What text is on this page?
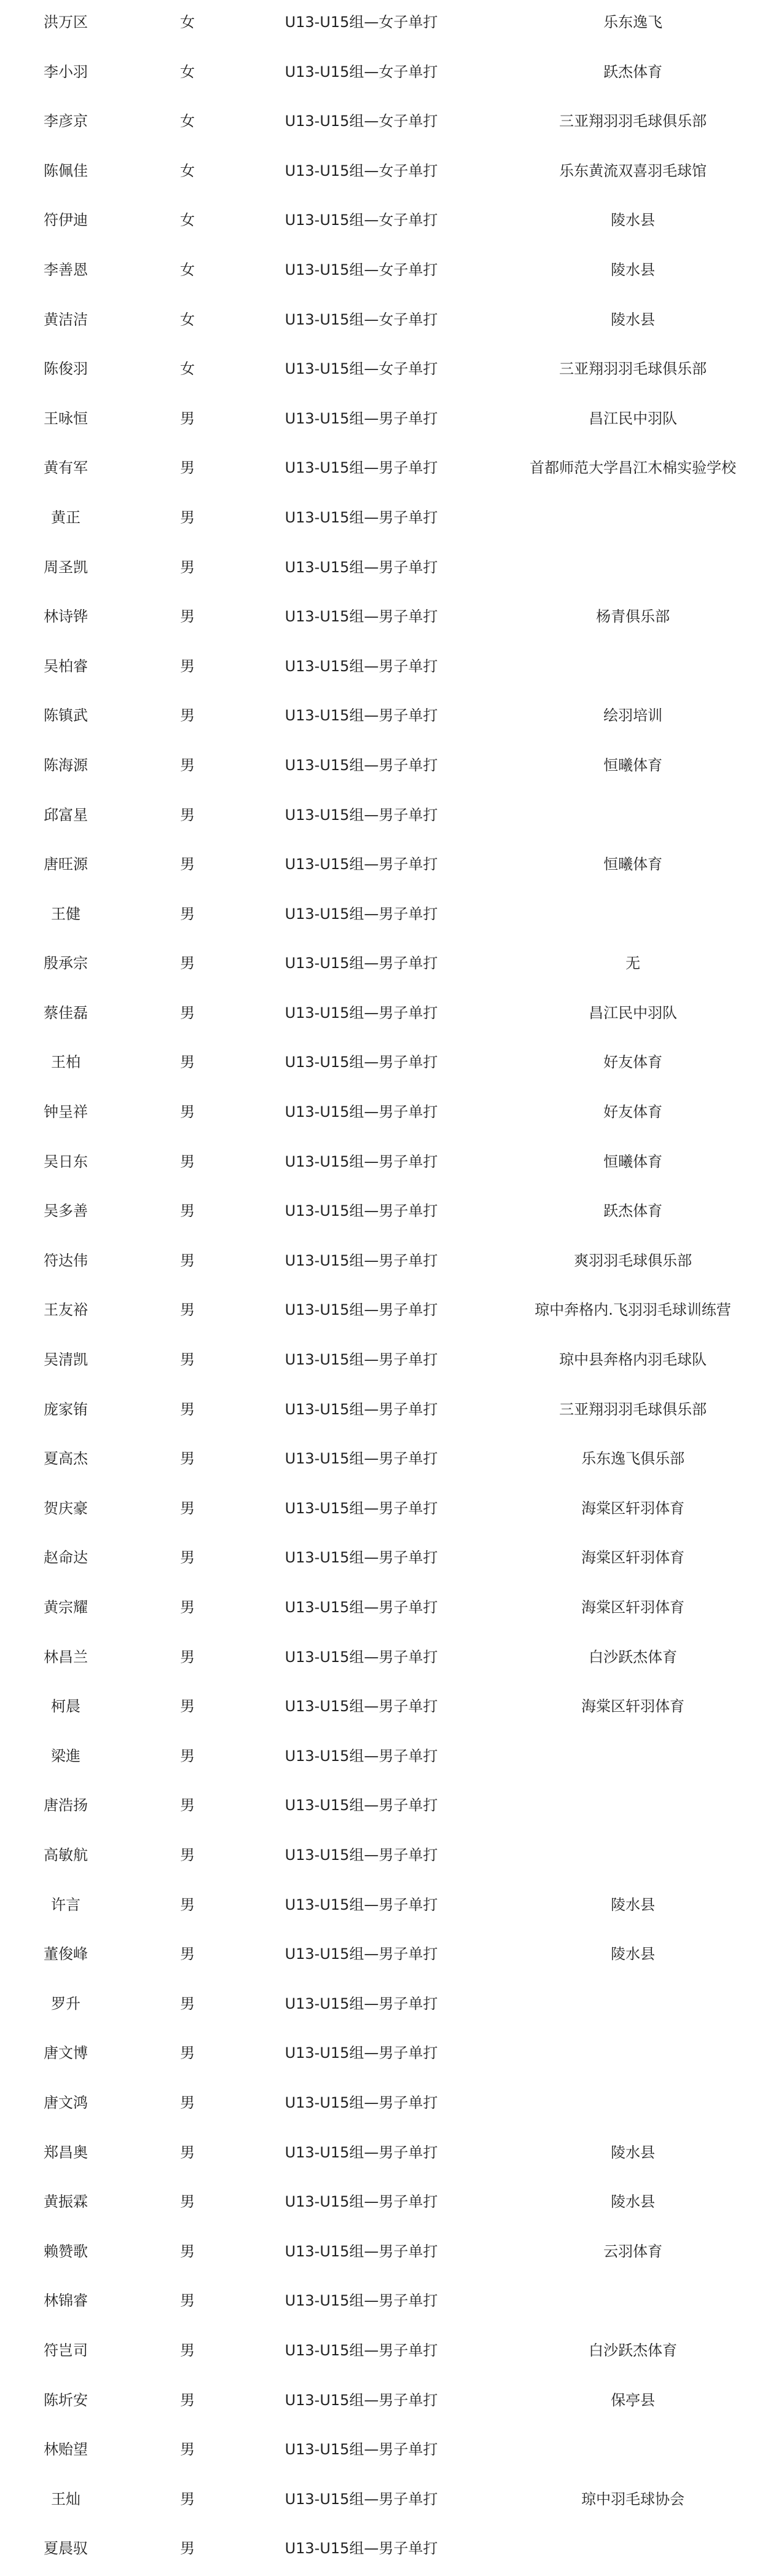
洪万区	女	U13-U15组—女子单打	乐东逸飞
李小羽	女	U13-U15组—女子单打	跃杰体育
李彦京	女	U13-U15组—女子单打	三亚翔羽羽毛球俱乐部
陈佩佳	女	U13-U15组—女子单打	乐东黄流双喜羽毛球馆
符伊迪	女	U13-U15组—女子单打	陵水县
李善恩	女	U13-U15组—女子单打	陵水县
黄洁洁	女	U13-U15组—女子单打	陵水县
陈俊羽	女	U13-U15组—女子单打	三亚翔羽羽毛球俱乐部
王咏恒	男	U13-U15组—男子单打	昌江民中羽队
黄有军	男	U13-U15组—男子单打	首都师范大学昌江木棉实验学校
黄正	男	U13-U15组—男子单打
周圣凯	男	U13-U15组—男子单打
林诗铧	男	U13-U15组—男子单打	杨青俱乐部
吴柏睿	男	U13-U15组—男子单打
陈镇武	男	U13-U15组—男子单打	绘羽培训
陈海源	男	U13-U15组—男子单打	恒曦体育
邱富星	男	U13-U15组—男子单打
唐旺源	男	U13-U15组—男子单打	恒曦体育
王健	男	U13-U15组—男子单打
殷承宗	男	U13-U15组—男子单打	无
蔡佳磊	男	U13-U15组—男子单打	昌江民中羽队
王柏	男	U13-U15组—男子单打	好友体育
钟呈祥	男	U13-U15组—男子单打	好友体育
吴日东	男	U13-U15组—男子单打	恒曦体育
吴多善	男	U13-U15组—男子单打	跃杰体育
符达伟	男	U13-U15组—男子单打	爽羽羽毛球俱乐部
王友裕	男	U13-U15组—男子单打	琼中奔格内.飞羽羽毛球训练营
吴清凯	男	U13-U15组—男子单打	琼中县奔格内羽毛球队
庞家铕	男	U13-U15组—男子单打	三亚翔羽羽毛球俱乐部
夏高杰	男	U13-U15组—男子单打	乐东逸飞俱乐部
贺庆豪	男	U13-U15组—男子单打	海棠区轩羽体育
赵命达	男	U13-U15组—男子单打	海棠区轩羽体育
黄宗耀	男	U13-U15组—男子单打	海棠区轩羽体育
林昌兰	男	U13-U15组—男子单打	白沙跃杰体育
柯晨	男	U13-U15组—男子单打	海棠区轩羽体育
梁進	男	U13-U15组—男子单打
唐浩扬	男	U13-U15组—男子单打
高敏航	男	U13-U15组—男子单打
许言	男	U13-U15组—男子单打	陵水县
董俊峰	男	U13-U15组—男子单打	陵水县
罗升	男	U13-U15组—男子单打
唐文博	男	U13-U15组—男子单打
唐文鸿	男	U13-U15组—男子单打
郑昌奥	男	U13-U15组—男子单打	陵水县
黄振霖	男	U13-U15组—男子单打	陵水县
赖赞歌	男	U13-U15组—男子单打	云羽体育
林锦睿	男	U13-U15组—男子单打
符岂司	男	U13-U15组—男子单打	白沙跃杰体育
陈圻安	男	U13-U15组—男子单打	保亭县
林贻望	男	U13-U15组—男子单打
王灿	男	U13-U15组—男子单打	琼中羽毛球协会
夏晨驭	男	U13-U15组—男子单打
